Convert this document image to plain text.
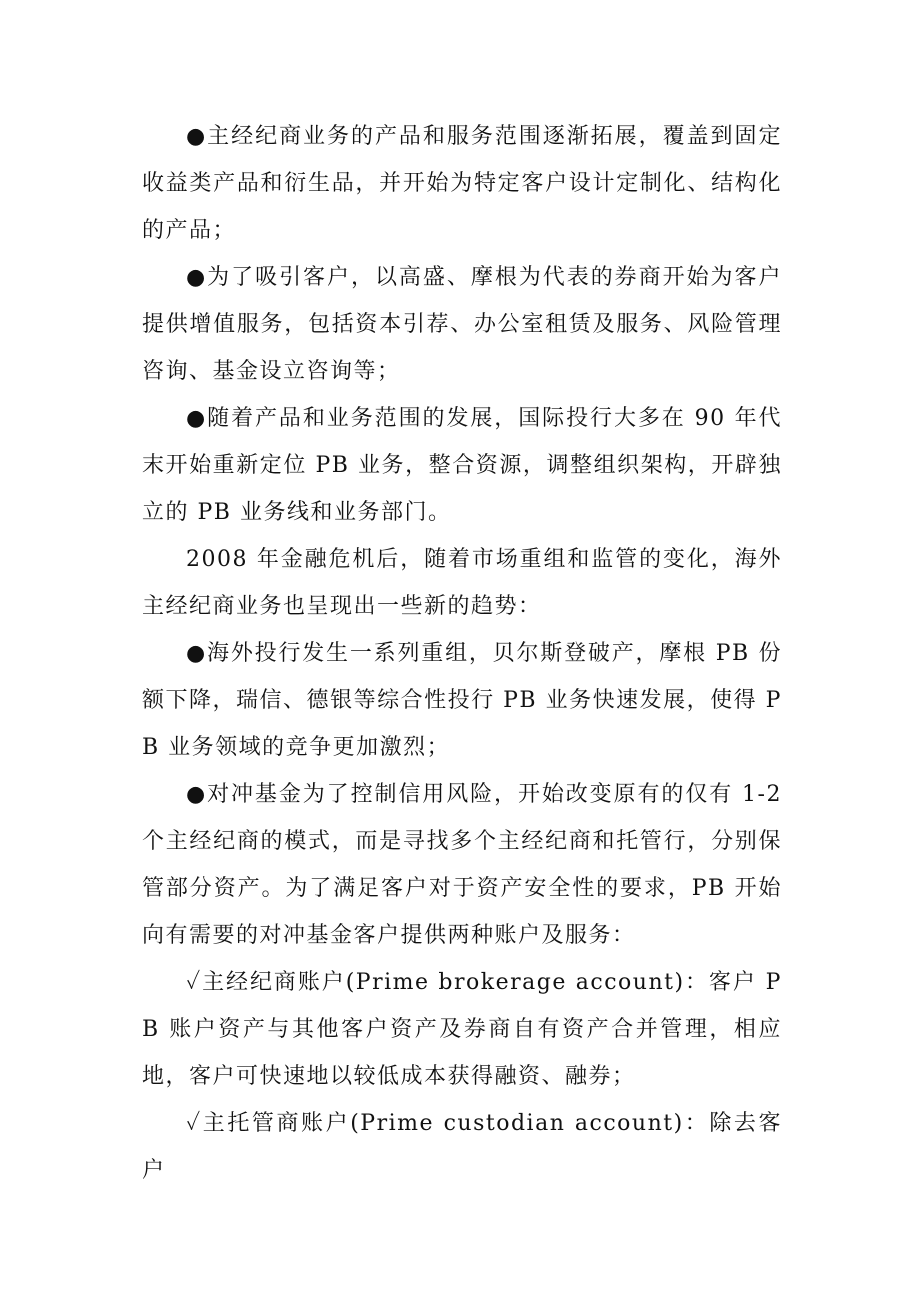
●主经纪商业务的产品和服务范围逐渐拓展，覆盖到固定收益类产品和衍生品，并开始为特定客户设计定制化、结构化的产品；

●为了吸引客户，以高盛、摩根为代表的券商开始为客户提供增值服务，包括资本引荐、办公室租赁及服务、风险管理咨询、基金设立咨询等；

●随着产品和业务范围的发展，国际投行大多在 90 年代末开始重新定位 PB 业务，整合资源，调整组织架构，开辟独立的 PB 业务线和业务部门。

2008 年金融危机后，随着市场重组和监管的变化，海外主经纪商业务也呈现出一些新的趋势：

●海外投行发生一系列重组，贝尔斯登破产，摩根 PB 份额下降，瑞信、德银等综合性投行 PB 业务快速发展，使得 PB 业务领域的竞争更加激烈；

●对冲基金为了控制信用风险，开始改变原有的仅有 1-2 个主经纪商的模式，而是寻找多个主经纪商和托管行，分别保管部分资产。为了满足客户对于资产安全性的要求，PB 开始向有需要的对冲基金客户提供两种账户及服务：

✓主经纪商账户(Prime brokerage account)：客户 PB 账户资产与其他客户资产及券商自有资产合并管理，相应地，客户可快速地以较低成本获得融资、融券；

✓主托管商账户(Prime custodian account)：除去客户
